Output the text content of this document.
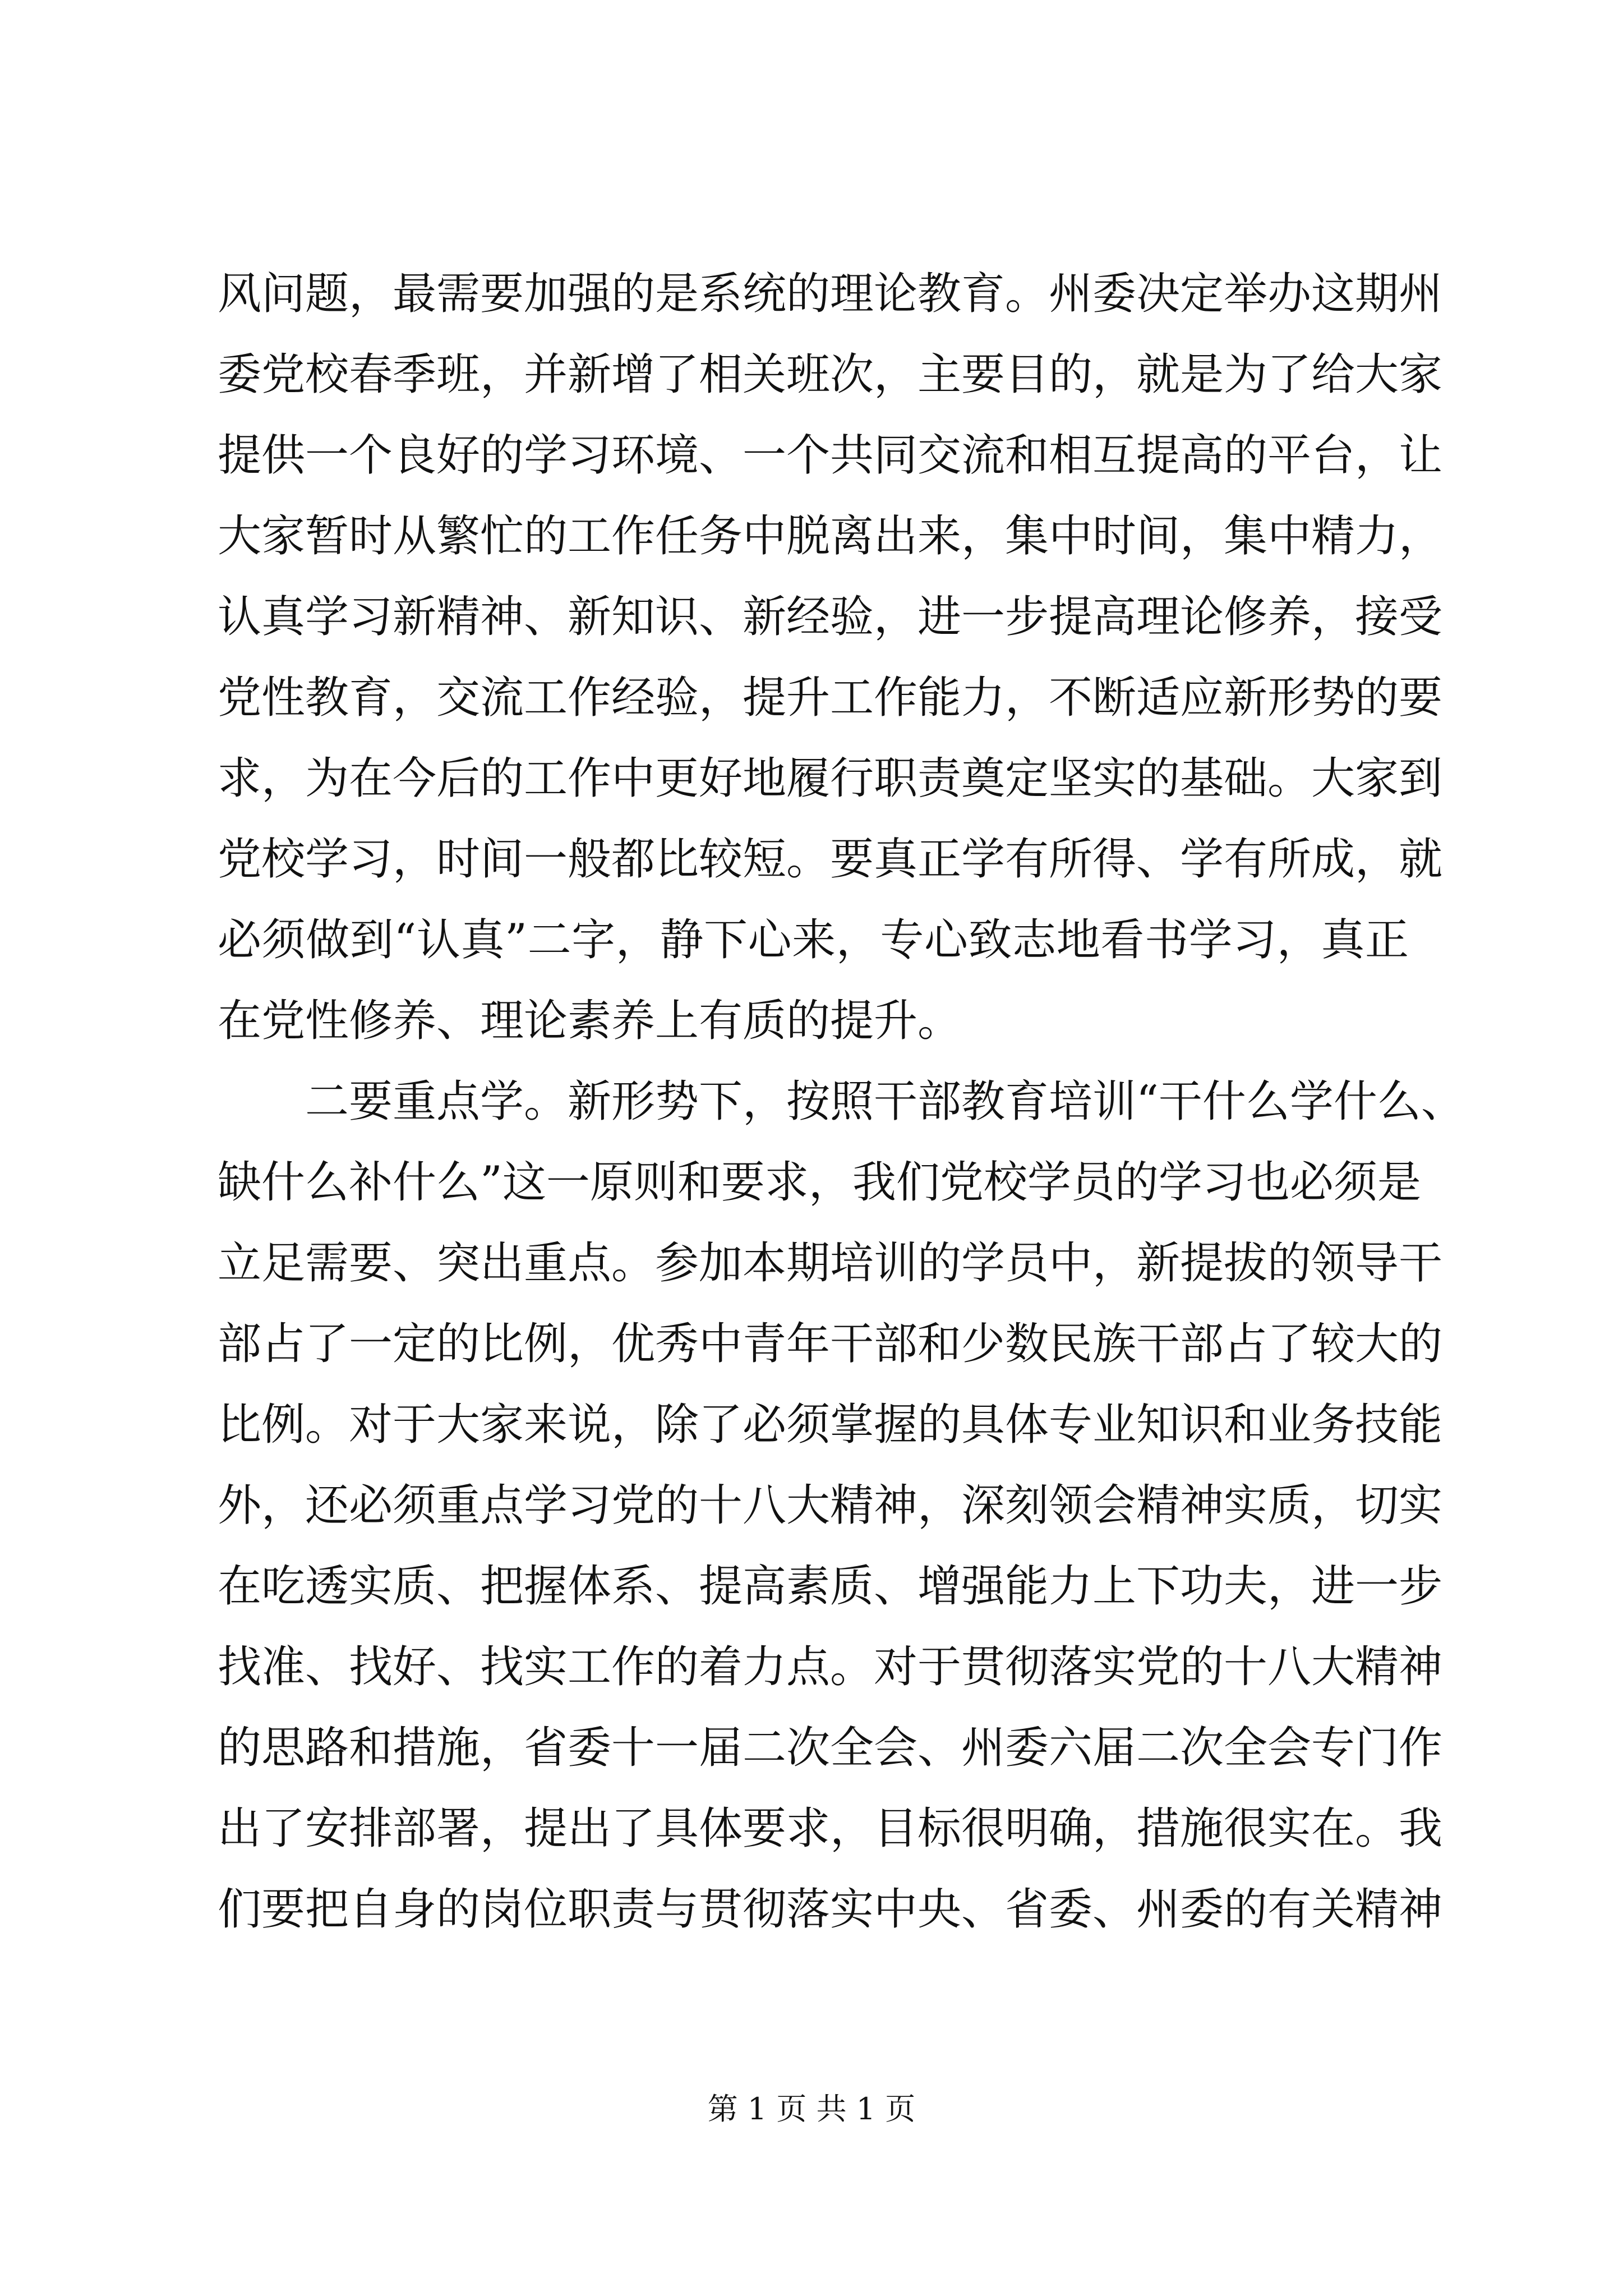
风问题，最需要加强的是系统的理论教育。州委决定举办这期州
委党校春季班，并新增了相关班次，主要目的，就是为了给大家
提供一个良好的学习环境、一个共同交流和相互提高的平台，让
大家暂时从繁忙的工作任务中脱离出来，集中时间，集中精力，
认真学习新精神、新知识、新经验，进一步提高理论修养，接受
党性教育，交流工作经验，提升工作能力，不断适应新形势的要
求，为在今后的工作中更好地履行职责奠定坚实的基础。大家到
党校学习，时间一般都比较短。要真正学有所得、学有所成，就
必须做到“认真”二字，静下心来，专心致志地看书学习，真正
在党性修养、理论素养上有质的提升。
　　二要重点学。新形势下，按照干部教育培训“干什么学什么、
缺什么补什么”这一原则和要求，我们党校学员的学习也必须是
立足需要、突出重点。参加本期培训的学员中，新提拔的领导干
部占了一定的比例，优秀中青年干部和少数民族干部占了较大的
比例。对于大家来说，除了必须掌握的具体专业知识和业务技能
外，还必须重点学习党的十八大精神，深刻领会精神实质，切实
在吃透实质、把握体系、提高素质、增强能力上下功夫，进一步
找准、找好、找实工作的着力点。对于贯彻落实党的十八大精神
的思路和措施，省委十一届二次全会、州委六届二次全会专门作
出了安排部署，提出了具体要求，目标很明确，措施很实在。我
们要把自身的岗位职责与贯彻落实中央、省委、州委的有关精神
第 1 页 共 1 页
